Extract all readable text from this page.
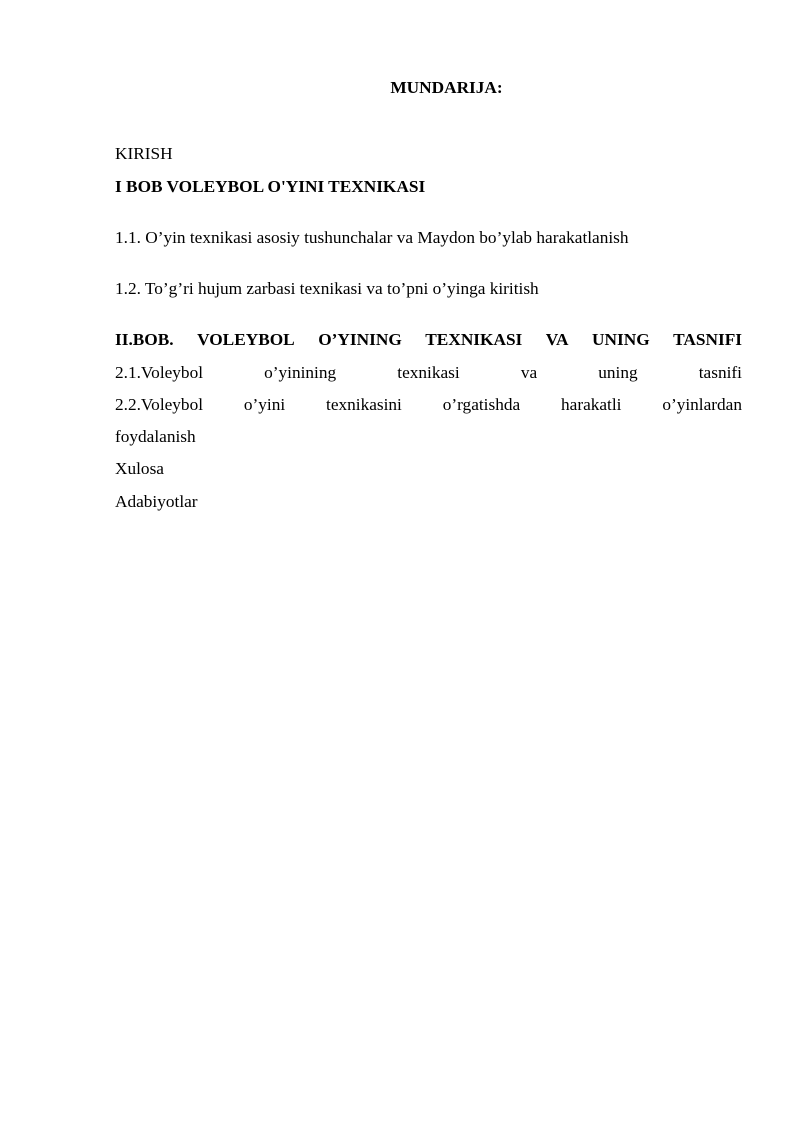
MUNDARIJA:
KIRISH
I BOB VOLEYBOL O'YINI TEXNIKASI
1.1. O’yin texnikasi asosiy tushunchalar va Maydon bo’ylab harakatlanish
1.2. To’g’ri hujum zarbasi texnikasi va to’pni o’yinga kiritish
II.BOB. VOLEYBOL O’YINING TEXNIKASI VA UNING TASNIFI
2.1.Voleybol	o’yinining	texnikasi	va	uning	tasnifi
2.2.Voleybol o’yini texnikasini o’rgatishda harakatli o’yinlardan
foydalanish
Xulosa
Adabiyotlar
